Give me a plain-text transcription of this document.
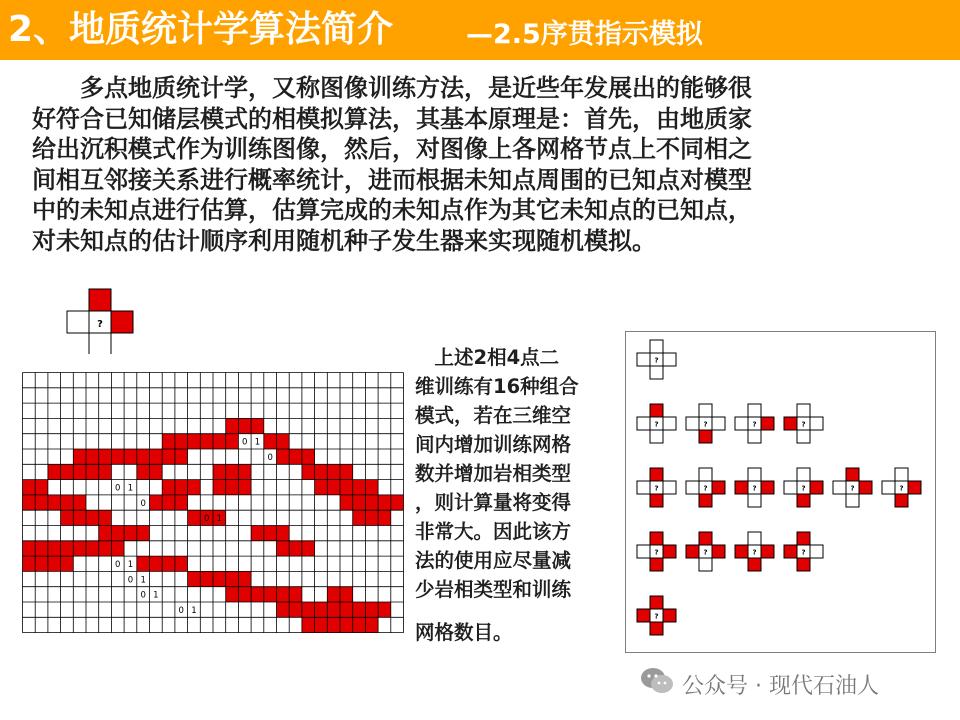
2、地质统计学算法简介	—2.5序贯指示模拟
　　多点地质统计学，又称图像训练方法，是近些年发展出的能够很
好符合已知储层模式的相模拟算法，其基本原理是：首先，由地质家
给出沉积模式作为训练图像，然后，对图像上各网格节点上不同相之
间相互邻接关系进行概率统计，进而根据未知点周围的已知点对模型
中的未知点进行估算，估算完成的未知点作为其它未知点的已知点，
对未知点的估计顺序利用随机种子发生器来实现随机模拟。
?
0 1
0
0 1
0
0 1
0 1
0 1
0 1
0 1
　上述2相4点二
维训练有16种组合
模式，若在三维空
间内增加训练网格
数并增加岩相类型
，则计算量将变得
非常大。因此该方
法的使用应尽量减
少岩相类型和训练
网格数目。
?
?	?	?	?
?	?	?	?	?	?
?	?	?	?
?
公众号 · 现代石油人
